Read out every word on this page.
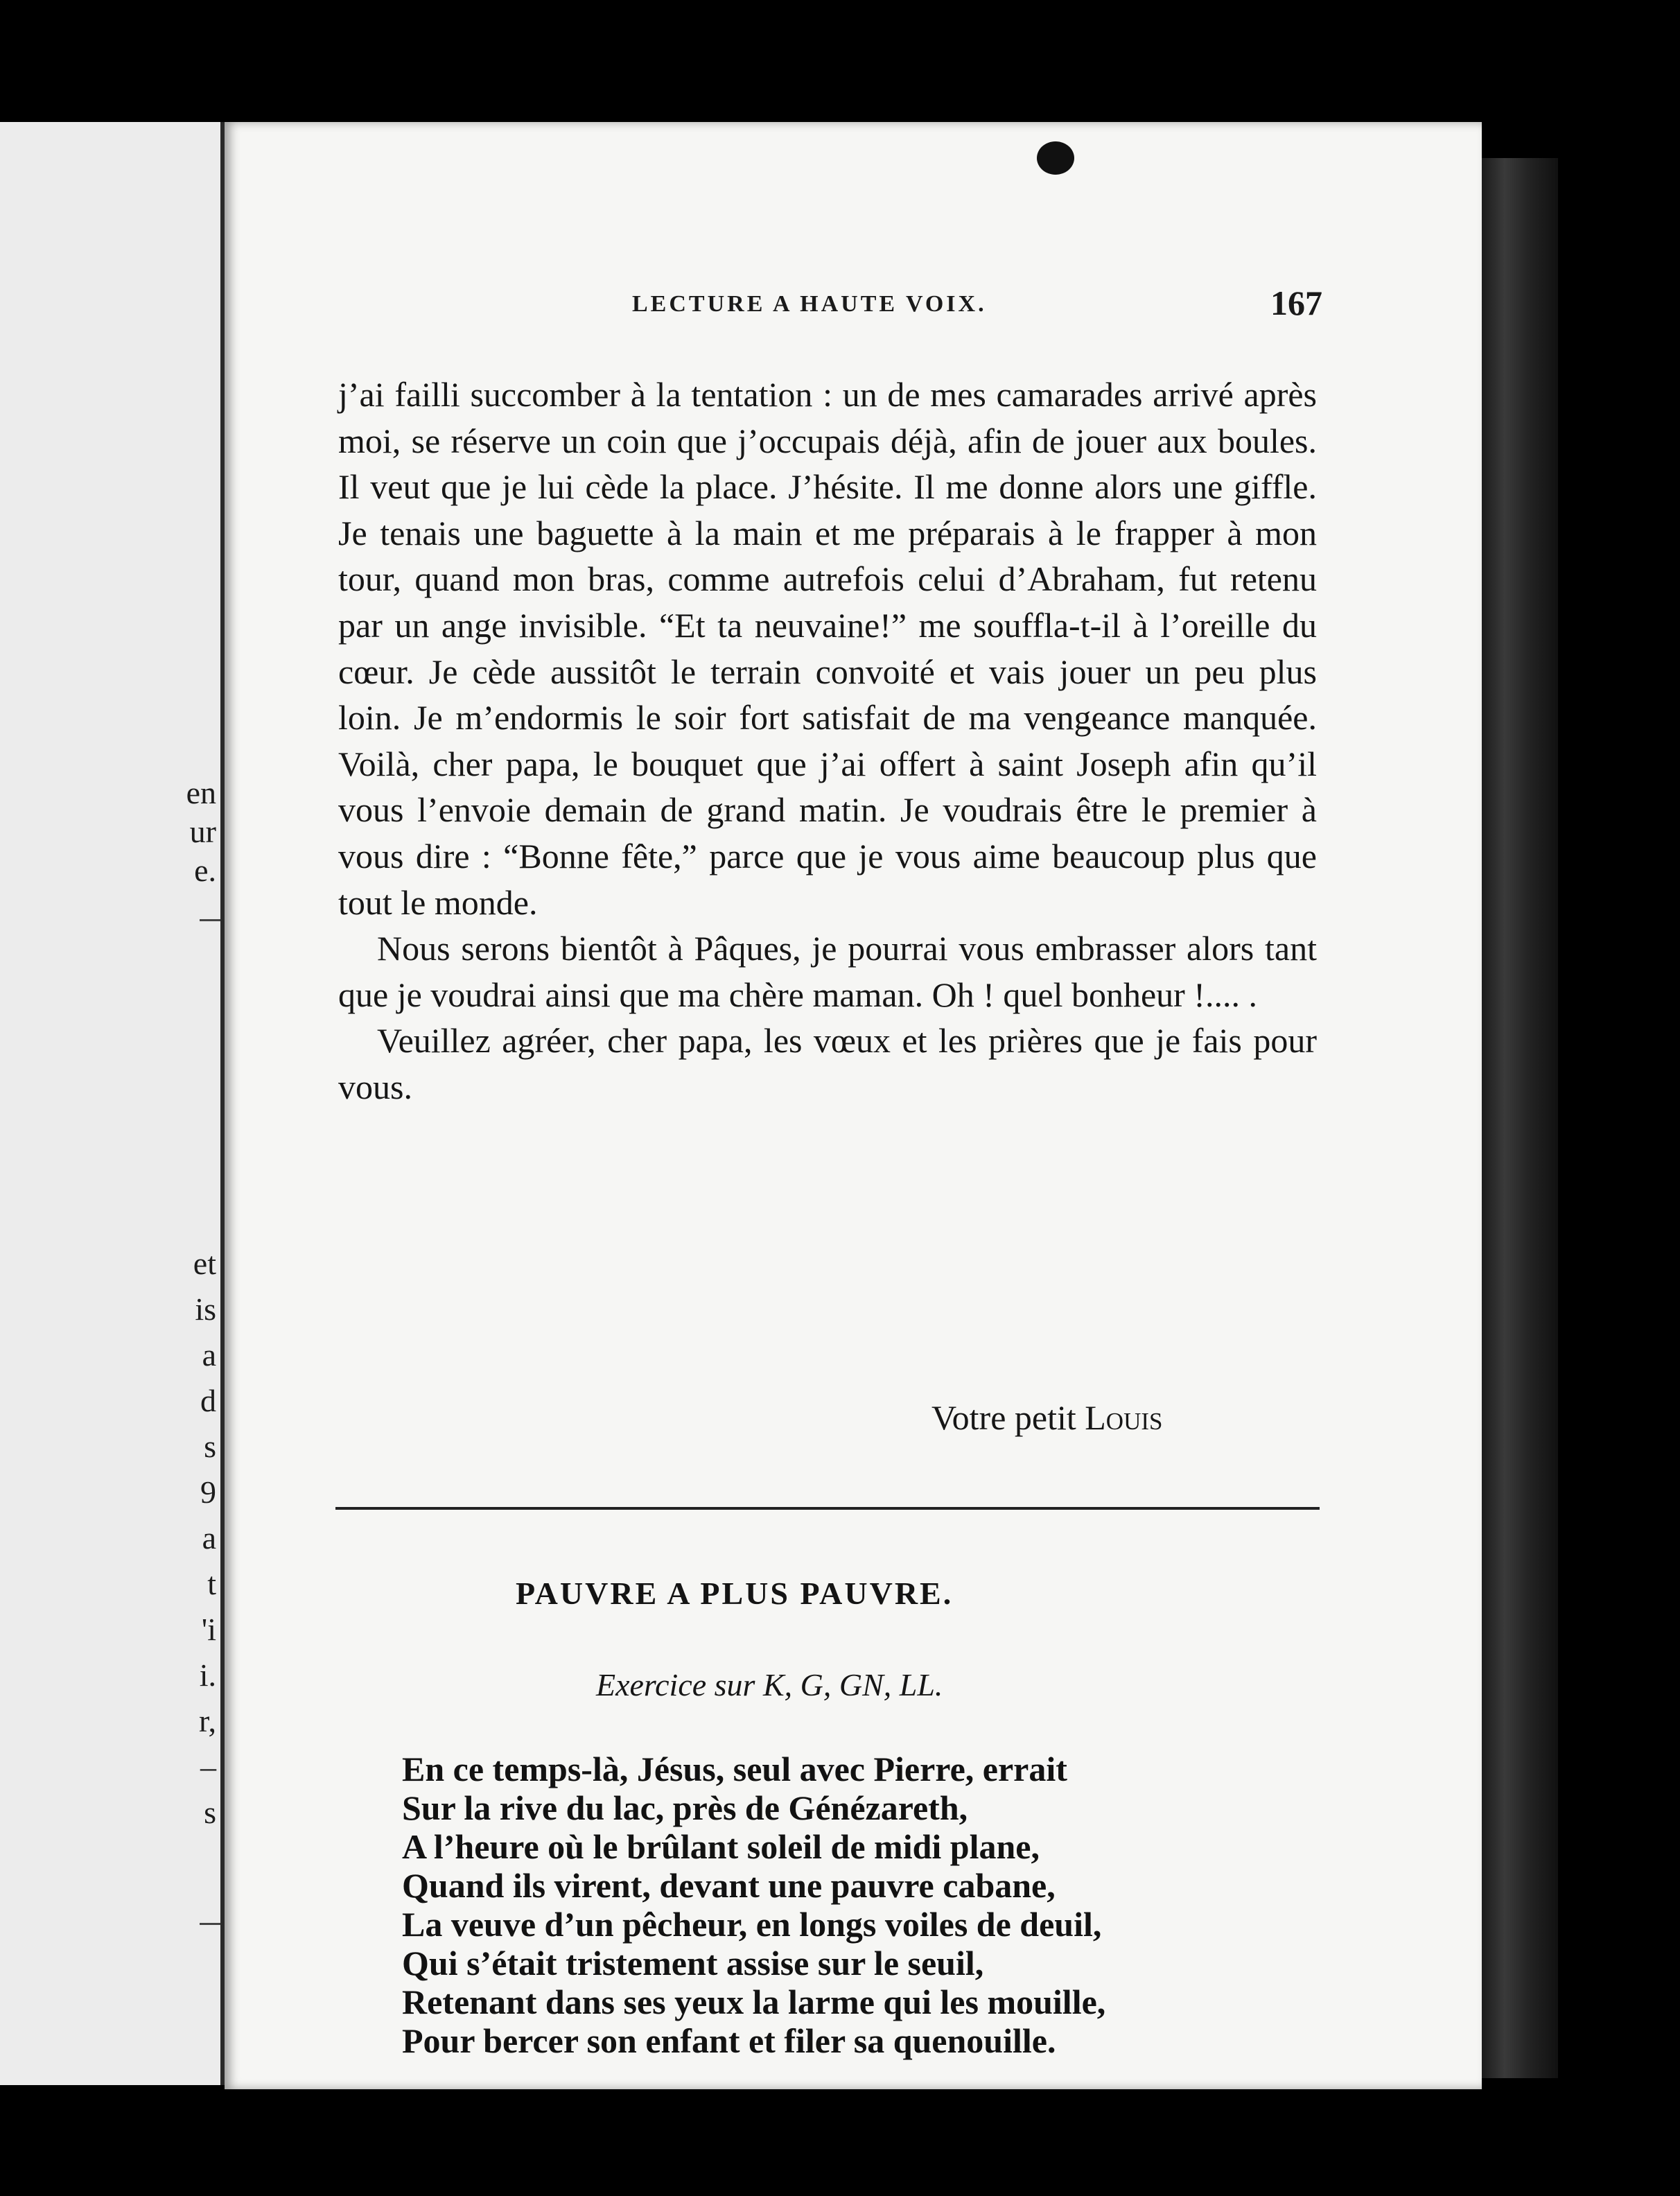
en
ur
e.
et
is
a
d
s
9
a
t
'i
i.
r,
–
s
LECTURE A HAUTE VOIX.	167

j’ai failli succomber à la tentation : un de mes camarades arrivé après moi, se réserve un coin que j’occupais déjà, afin de jouer aux boules. Il veut que je lui cède la place. J’hésite. Il me donne alors une giffle. Je tenais une baguette à la main et me préparais à le frapper à mon tour, quand mon bras, comme autrefois celui d’Abraham, fut retenu par un ange invisible. “Et ta neuvaine!” me souffla-t-il à l’oreille du cœur. Je cède aussitôt le terrain convoité et vais jouer un peu plus loin. Je m’endormis le soir fort satisfait de ma vengeance manquée. Voilà, cher papa, le bouquet que j’ai offert à saint Joseph afin qu’il vous l’envoie demain de grand matin. Je voudrais être le premier à vous dire : “Bonne fête,” parce que je vous aime beaucoup plus que tout le monde.

Nous serons bientôt à Pâques, je pourrai vous embrasser alors tant que je voudrai ainsi que ma chère maman. Oh ! quel bonheur !.... .

Veuillez agréer, cher papa, les vœux et les prières que je fais pour vous.

Votre petit Louis
PAUVRE A PLUS PAUVRE.
Exercice sur K, G, GN, LL.
En ce temps-là, Jésus, seul avec Pierre, errait
Sur la rive du lac, près de Génézareth,
A l’heure où le brûlant soleil de midi plane,
Quand ils virent, devant une pauvre cabane,
La veuve d’un pêcheur, en longs voiles de deuil,
Qui s’était tristement assise sur le seuil,
Retenant dans ses yeux la larme qui les mouille,
Pour bercer son enfant et filer sa quenouille.
